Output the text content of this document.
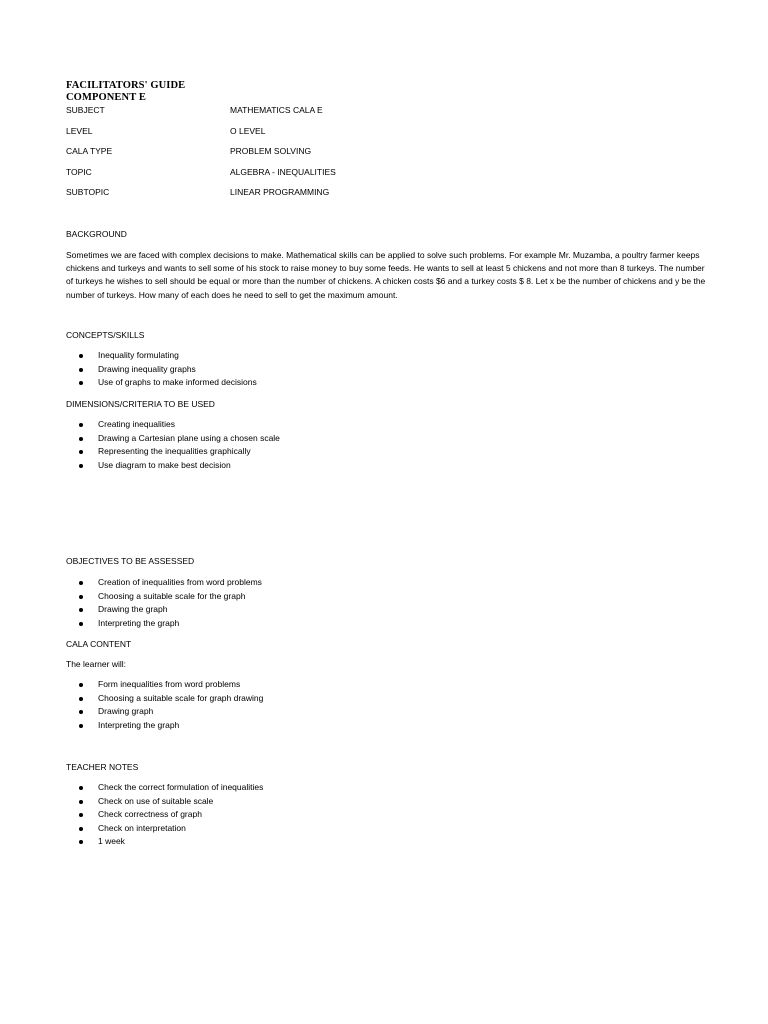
FACILITATORS' GUIDE
COMPONENT E
SUBJECT	MATHEMATICS CALA E
LEVEL	O LEVEL
CALA TYPE	PROBLEM SOLVING
TOPIC	ALGEBRA - INEQUALITIES
SUBTOPIC	LINEAR PROGRAMMING
BACKGROUND
Sometimes we are faced with complex decisions to make. Mathematical skills can be applied to solve such problems. For example Mr. Muzamba, a poultry farmer keeps chickens and turkeys and wants to sell some of his stock to raise money to buy some feeds. He wants to sell at least 5 chickens and not more than 8 turkeys. The number of turkeys he wishes to sell should be equal or more than the number of chickens. A chicken costs $6 and a turkey costs $ 8. Let x be the number of chickens and y be the number of turkeys. How many of each does he need to sell to get the maximum amount.
CONCEPTS/SKILLS
Inequality formulating
Drawing inequality graphs
Use of graphs to make informed decisions
DIMENSIONS/CRITERIA TO BE USED
Creating inequalities
Drawing a Cartesian plane using a chosen scale
Representing the inequalities graphically
Use diagram to make best decision
OBJECTIVES TO BE ASSESSED
Creation of inequalities from word problems
Choosing a suitable scale for the graph
Drawing the graph
Interpreting the graph
CALA CONTENT
The learner will:
Form inequalities from word problems
Choosing a suitable scale for graph drawing
Drawing graph
Interpreting the graph
TEACHER NOTES
Check the correct formulation of inequalities
Check on use of suitable scale
Check correctness of graph
Check on interpretation
1 week
